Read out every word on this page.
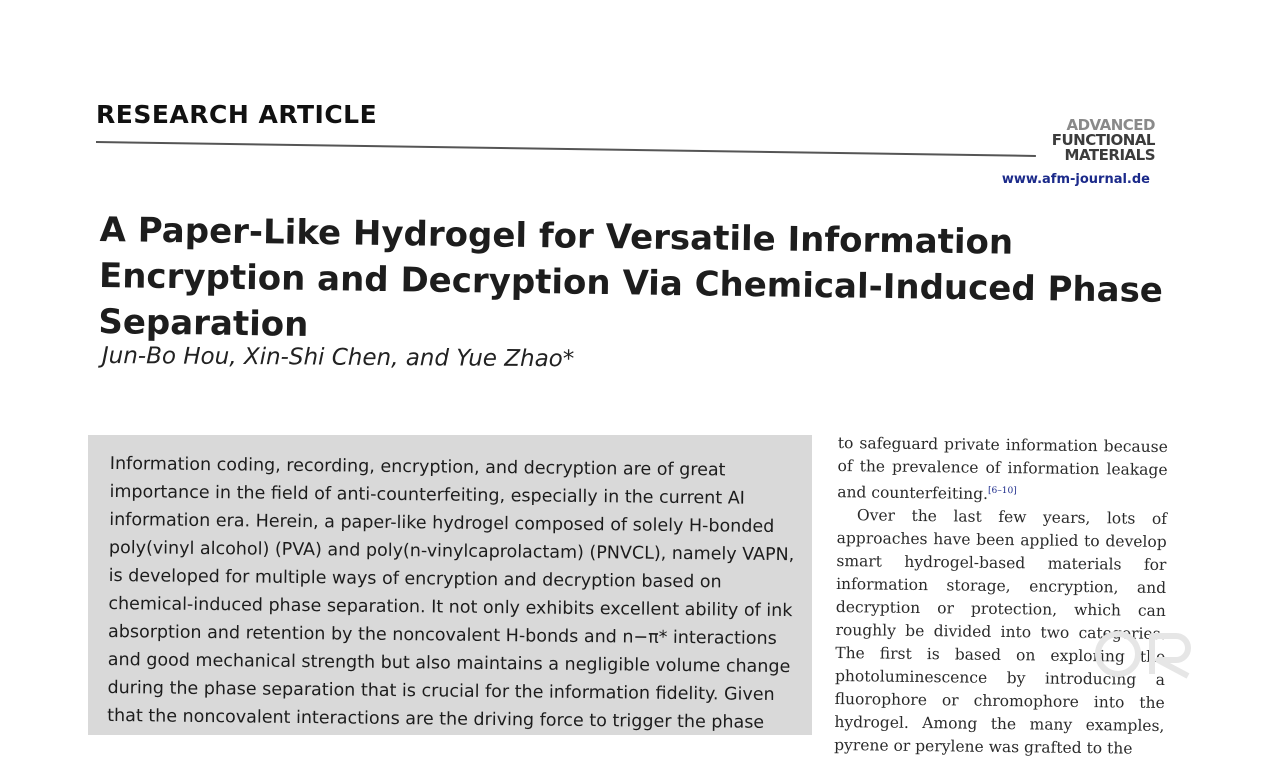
RESEARCH ARTICLE	ADVANCED
FUNCTIONAL
MATERIALS
www.afm-journal.de
A Paper-Like Hydrogel for Versatile Information Encryption and Decryption Via Chemical-Induced Phase Separation
Jun-Bo Hou, Xin-Shi Chen, and Yue Zhao*

Information coding, recording, encryption, and decryption are of great importance in the field of anti-counterfeiting, especially in the current AI information era. Herein, a paper-like hydrogel composed of solely H-bonded poly(vinyl alcohol) (PVA) and poly(n-vinylcaprolactam) (PNVCL), namely VAPN, is developed for multiple ways of encryption and decryption based on chemical-induced phase separation. It not only exhibits excellent ability of ink absorption and retention by the noncovalent H-bonds and n−π* interactions and good mechanical strength but also maintains a negligible volume change during the phase separation that is crucial for the information fidelity. Given that the noncovalent interactions are the driving force to trigger the phase

to safeguard private information because of the prevalence of information leakage and counterfeiting.[6–10]

Over the last few years, lots of approaches have been applied to develop smart hydrogel-based materials for information storage, encryption, and decryption or protection, which can roughly be divided into two categories. The first is based on exploring the photoluminescence by introducing a fluorophore or chromophore into the hydrogel. Among the many examples, pyrene or perylene was grafted to the
